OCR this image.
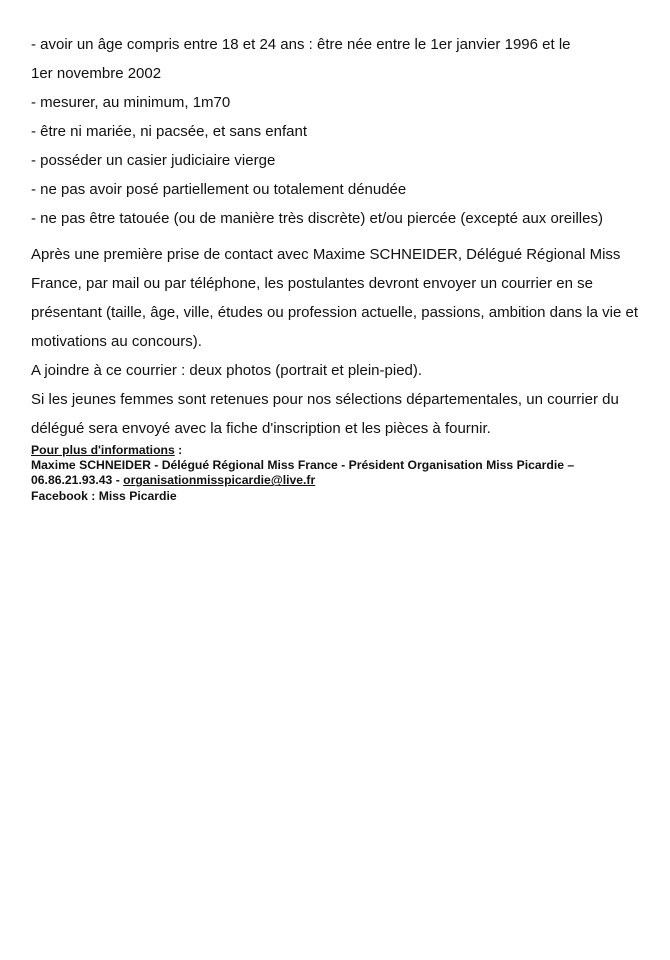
- avoir un âge compris entre 18 et 24 ans : être née entre le 1er janvier 1996 et le 1er novembre 2002
- mesurer, au minimum, 1m70
- être ni mariée, ni pacsée, et sans enfant
- posséder un casier judiciaire vierge
- ne pas avoir posé partiellement ou totalement dénudée
- ne pas être tatouée (ou de manière très discrète) et/ou piercée (excepté aux oreilles)

Après une première prise de contact avec Maxime SCHNEIDER, Délégué Régional Miss France, par mail ou par téléphone, les postulantes devront envoyer un courrier en se présentant (taille, âge, ville, études ou profession actuelle, passions, ambition dans la vie et motivations au concours).

A joindre à ce courrier : deux photos (portrait et plein-pied).

Si les jeunes femmes sont retenues pour nos sélections départementales, un courrier du délégué sera envoyé avec la fiche d'inscription et les pièces à fournir.

Pour plus d'informations :
Maxime SCHNEIDER - Délégué Régional Miss France - Président Organisation Miss Picardie –
06.86.21.93.43 - organisationmisspicardie@live.fr
Facebook : Miss Picardie
